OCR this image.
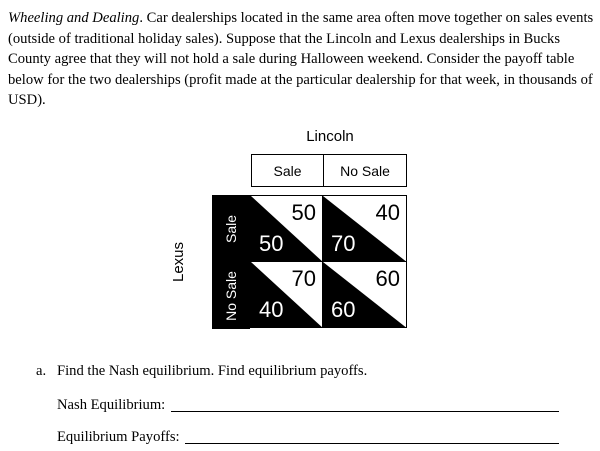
Wheeling and Dealing. Car dealerships located in the same area often move together on sales events (outside of traditional holiday sales). Suppose that the Lincoln and Lexus dealerships in Bucks County agree that they will not hold a sale during Halloween weekend. Consider the payoff table below for the two dealerships (profit made at the particular dealership for that week, in thousands of USD).

Lincoln
Sale	No Sale
Lexus
Sale
No Sale
50
50
40
70
70
40
60
60
a. Find the Nash equilibrium. Find equilibrium payoffs.
Nash Equilibrium:
Equilibrium Payoffs:
